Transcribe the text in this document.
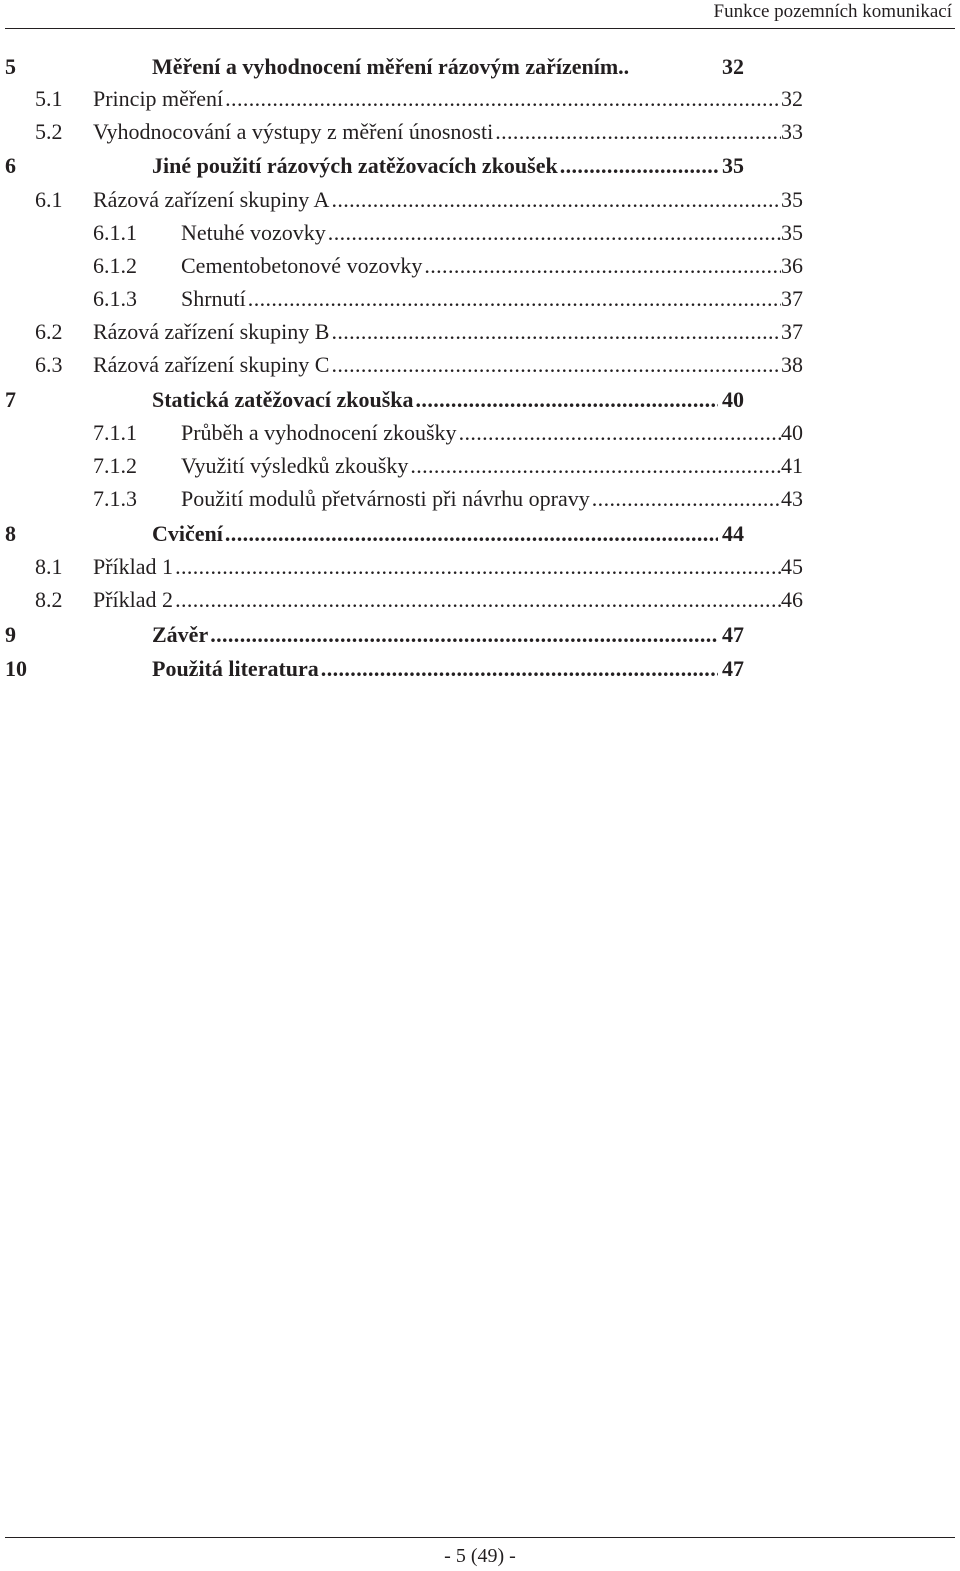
Funkce pozemních komunikací
5	Měření a vyhodnocení měření rázovým zařízením ..	32
5.1 Princip měření .....	32
5.2 Vyhodnocování a výstupy z měření únosnosti .....	33
6	Jiné použití rázových zatěžovacích zkoušek .....	35
6.1 Rázová zařízení skupiny A .....	35
6.1.1 Netuhé vozovky .....	35
6.1.2 Cementobetonové vozovky .....	36
6.1.3 Shrnutí .....	37
6.2 Rázová zařízení skupiny B .....	37
6.3 Rázová zařízení skupiny C .....	38
7	Statická zatěžovací zkouška .....	40
7.1.1 Průběh a vyhodnocení zkoušky .....	40
7.1.2 Využití výsledků zkoušky .....	41
7.1.3 Použití modulů přetvárnosti při návrhu opravy .....	43
8	Cvičení .....	44
8.1 Příklad 1 .....	45
8.2 Příklad 2 .....	46
9	Závěr .....	47
10	Použitá literatura .....	47
- 5 (49) -
